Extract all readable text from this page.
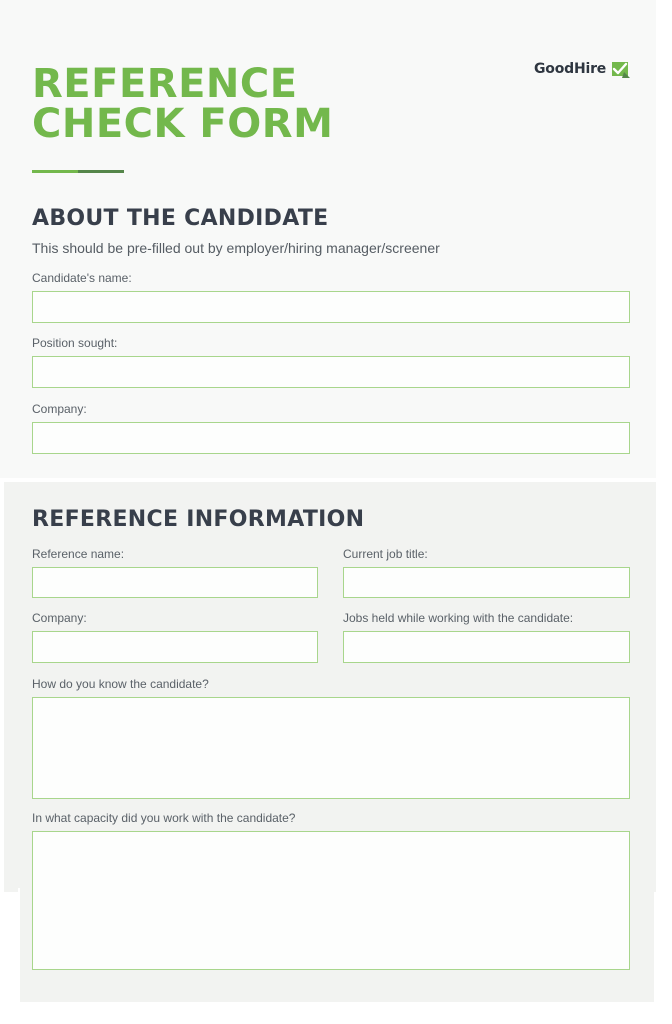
REFERENCE
CHECK FORM
GoodHire
ABOUT THE CANDIDATE
This should be pre-filled out by employer/hiring manager/screener
Candidate's name:
Position sought:
Company:
REFERENCE INFORMATION
Reference name:	Current job title:
Company:	Jobs held while working with the candidate:
How do you know the candidate?
In what capacity did you work with the candidate?
